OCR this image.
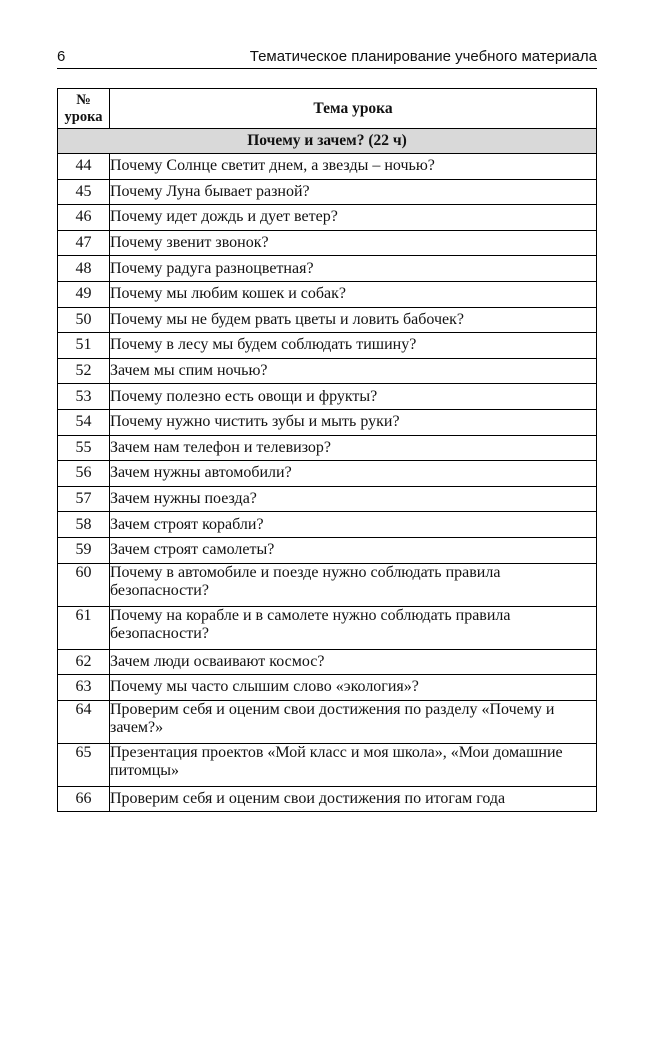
6	Тематическое планирование учебного материала
№
урока	Тема урока
Почему и зачем? (22 ч)	
44	Почему Солнце светит днем, а звезды – ночью?
45	Почему Луна бывает разной?
46	Почему идет дождь и дует ветер?
47	Почему звенит звонок?
48	Почему радуга разноцветная?
49	Почему мы любим кошек и собак?
50	Почему мы не будем рвать цветы и ловить бабочек?
51	Почему в лесу мы будем соблюдать тишину?
52	Зачем мы спим ночью?
53	Почему полезно есть овощи и фрукты?
54	Почему нужно чистить зубы и мыть руки?
55	Зачем нам телефон и телевизор?
56	Зачем нужны автомобили?
57	Зачем нужны поезда?
58	Зачем строят корабли?
59	Зачем строят самолеты?
60	Почему в автомобиле и поезде нужно соблюдать правила безопасности?
61	Почему на корабле и в самолете нужно соблюдать правила безопасности?
62	Зачем люди осваивают космос?
63	Почему мы часто слышим слово «экология»?
64	Проверим себя и оценим свои достижения по разделу «Почему и зачем?»
65	Презентация проектов «Мой класс и моя школа», «Мои домашние питомцы»
66	Проверим себя и оценим свои достижения по итогам года
